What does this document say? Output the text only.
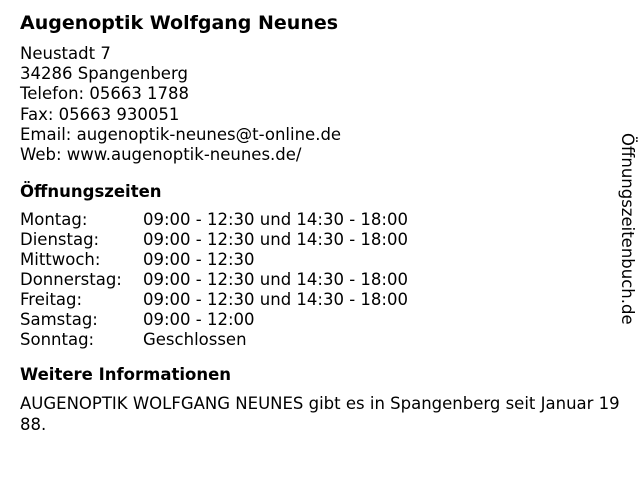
Augenoptik Wolfgang Neunes
Neustadt 7
34286 Spangenberg
Telefon: 05663 1788
Fax: 05663 930051
Email: augenoptik-neunes@t-online.de
Web: www.augenoptik-neunes.de/
Öffnungszeiten
Montag:	09:00 - 12:30 und 14:30 - 18:00
Dienstag:	09:00 - 12:30 und 14:30 - 18:00
Mittwoch:	09:00 - 12:30
Donnerstag:	09:00 - 12:30 und 14:30 - 18:00
Freitag:	09:00 - 12:30 und 14:30 - 18:00
Samstag:	09:00 - 12:00
Sonntag:	Geschlossen
Weitere Informationen
AUGENOPTIK WOLFGANG NEUNES gibt es in Spangenberg seit Januar 1988.
Öffnungszeitenbuch.de
